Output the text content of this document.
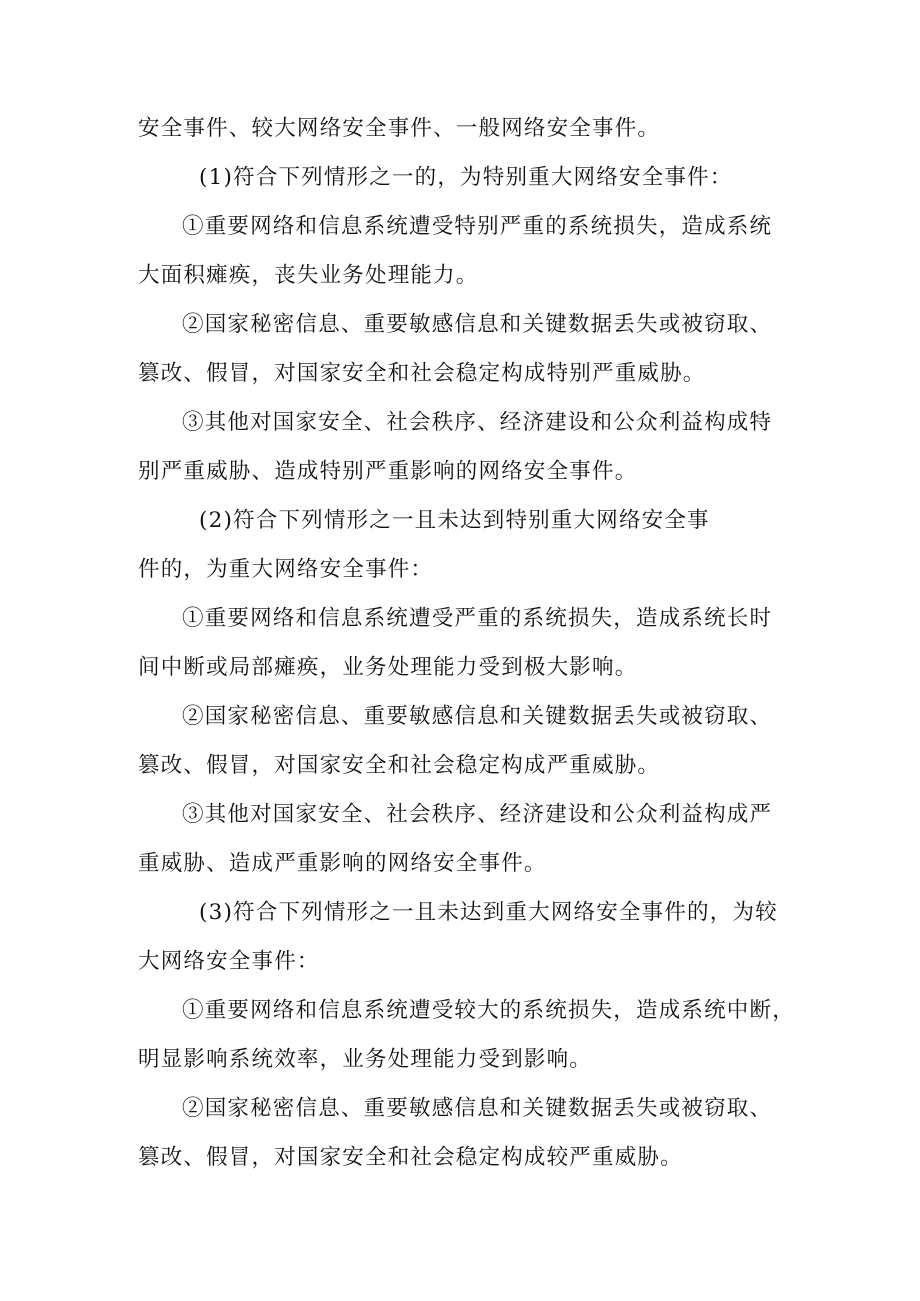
安全事件、较大网络安全事件、一般网络安全事件。
(1)符合下列情形之一的，为特别重大网络安全事件：
①重要网络和信息系统遭受特别严重的系统损失，造成系统
大面积瘫痪，丧失业务处理能力。
②国家秘密信息、重要敏感信息和关键数据丢失或被窃取、
篡改、假冒，对国家安全和社会稳定构成特别严重威胁。
③其他对国家安全、社会秩序、经济建设和公众利益构成特
别严重威胁、造成特别严重影响的网络安全事件。
(2)符合下列情形之一且未达到特别重大网络安全事
件的，为重大网络安全事件：
①重要网络和信息系统遭受严重的系统损失，造成系统长时
间中断或局部瘫痪，业务处理能力受到极大影响。
②国家秘密信息、重要敏感信息和关键数据丢失或被窃取、
篡改、假冒，对国家安全和社会稳定构成严重威胁。
③其他对国家安全、社会秩序、经济建设和公众利益构成严
重威胁、造成严重影响的网络安全事件。
(3)符合下列情形之一且未达到重大网络安全事件的，为较
大网络安全事件：
①重要网络和信息系统遭受较大的系统损失，造成系统中断，
明显影响系统效率，业务处理能力受到影响。
②国家秘密信息、重要敏感信息和关键数据丢失或被窃取、
篡改、假冒，对国家安全和社会稳定构成较严重威胁。
